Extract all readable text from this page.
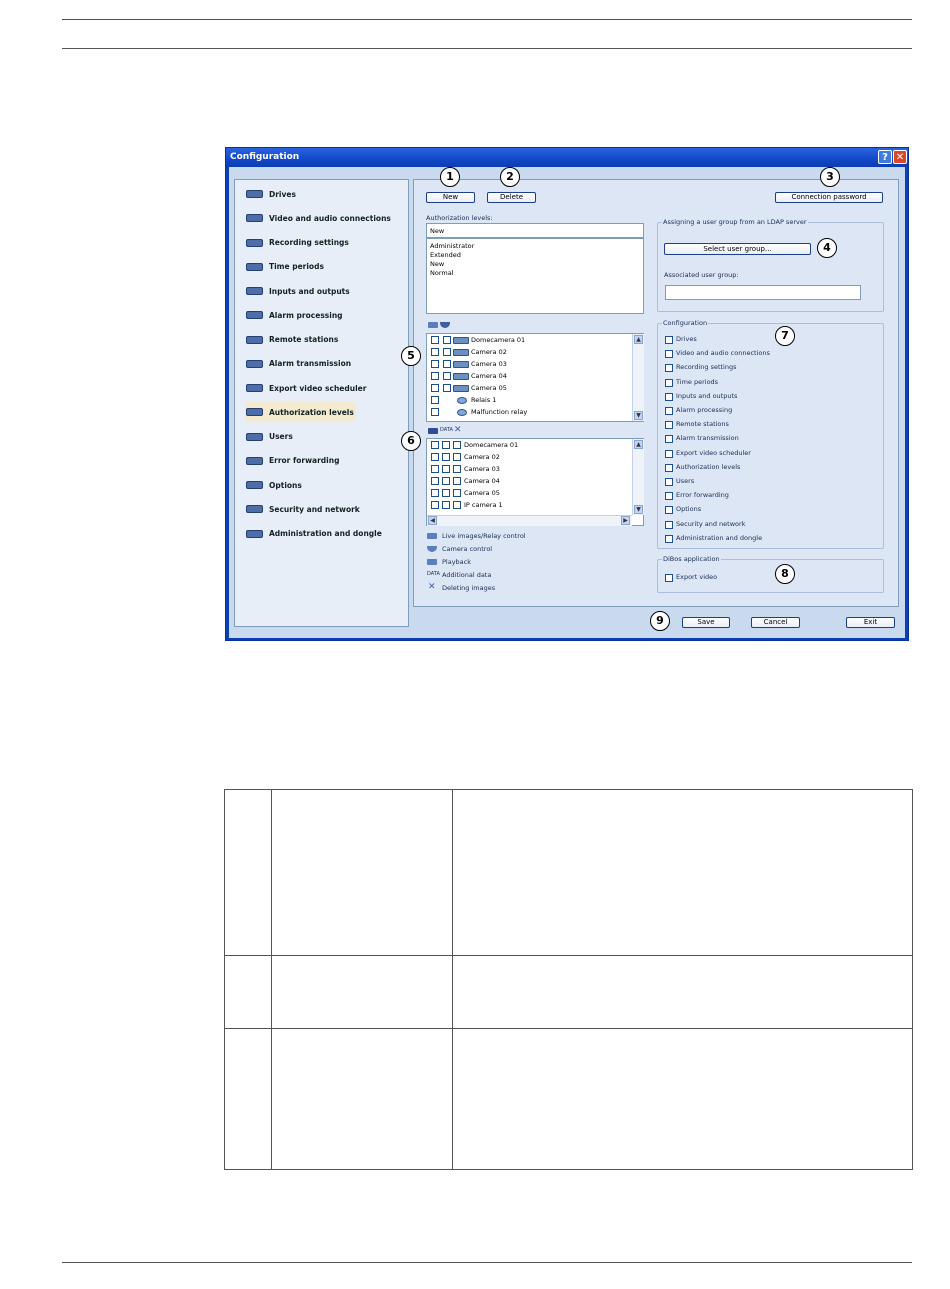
Configuration	? ✕
Drives
Video and audio connections
Recording settings
Time periods
Inputs and outputs
Alarm processing
Remote stations
Alarm transmission
Export video scheduler
Authorization levels
Users
Error forwarding
Options
Security and network
Administration and dongle
New	Delete	Connection password
Authorization levels:
New
Administrator
Extended
New
Normal
▲
▼
Domecamera 01
Camera 02
Camera 03
Camera 04
Camera 05
Relais 1
Malfunction relay
DATA ✕
▲
▼
◀	▶
Domecamera 01
Camera 02
Camera 03
Camera 04
Camera 05
IP camera 1
Live images/Relay control
Camera control
Playback
DATA Additional data
✕ Deleting images
Assigning a user group from an LDAP server
Select user group...
Associated user group:
Configuration
Drives
Video and audio connections
Recording settings
Time periods
Inputs and outputs
Alarm processing
Remote stations
Alarm transmission
Export video scheduler
Authorization levels
Users
Error forwarding
Options
Security and network
Administration and dongle
DiBos application
Export video
Save	Cancel	Exit
1	2	3
4
5
6
7
8
9
